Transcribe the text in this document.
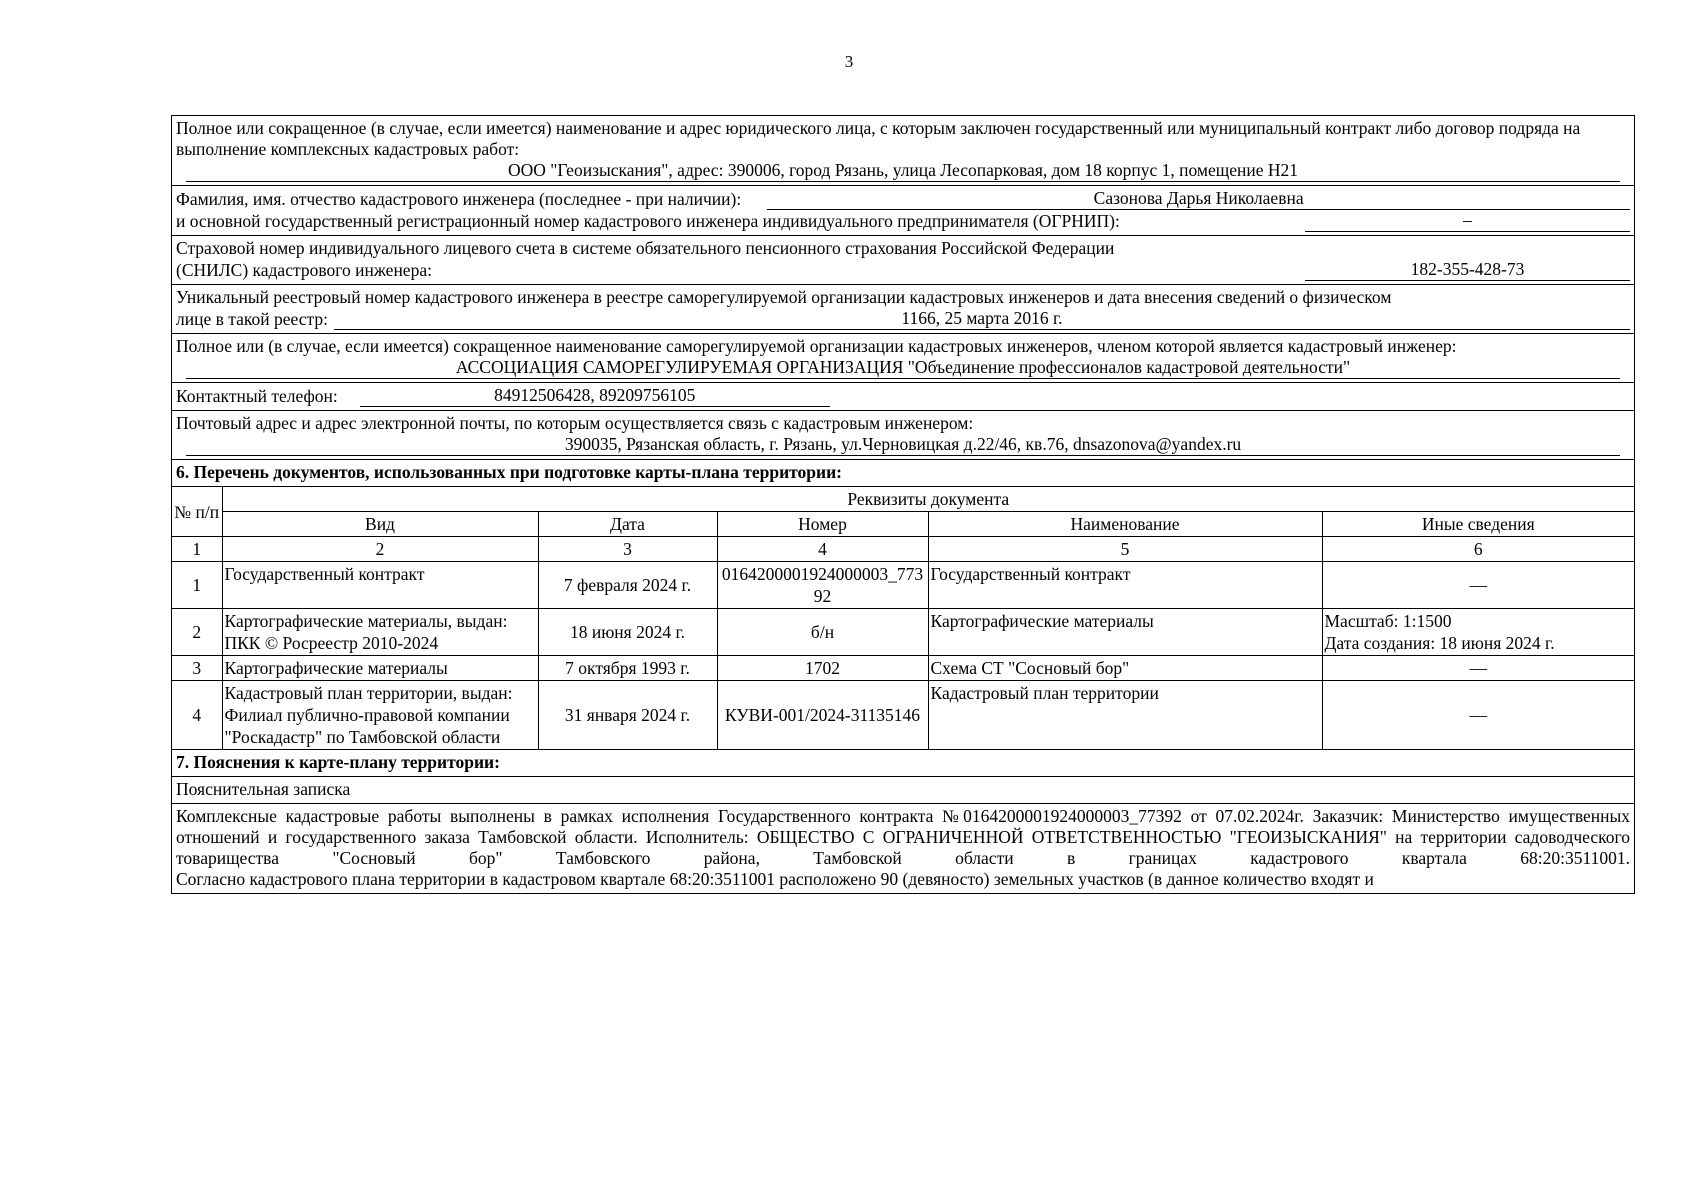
3
Полное или сокращенное (в случае, если имеется) наименование и адрес юридического лица, с которым заключен государственный или муниципальный контракт либо договор подряда на выполнение комплексных кадастровых работ:
ООО "Геоизыскания", адрес: 390006, город Рязань, улица Лесопарковая, дом 18 корпус 1, помещение Н21
Фамилия, имя. отчество кадастрового инженера (последнее - при наличии):	Сазонова Дарья Николаевна
и основной государственный регистрационный номер кадастрового инженера индивидуального предпринимателя (ОГРНИП):	–
Страховой номер индивидуального лицевого счета в системе обязательного пенсионного страхования Российской Федерации
(СНИЛС) кадастрового инженера:	182-355-428-73
Уникальный реестровый номер кадастрового инженера в реестре саморегулируемой организации кадастровых инженеров и дата внесения сведений о физическом
лице в такой реестр:	1166, 25 марта 2016 г.
Полное или (в случае, если имеется) сокращенное наименование саморегулируемой организации кадастровых инженеров, членом которой является кадастровый инженер:
АССОЦИАЦИЯ САМОРЕГУЛИРУЕМАЯ ОРГАНИЗАЦИЯ "Объединение профессионалов кадастровой деятельности"
Контактный телефон:	84912506428, 89209756105
Почтовый адрес и адрес электронной почты, по которым осуществляется связь с кадастровым инженером:
390035, Рязанская область, г. Рязань, ул.Черновицкая д.22/46, кв.76, dnsazonova@yandex.ru
6. Перечень документов, использованных при подготовке карты-плана территории:
№ п/п	Реквизиты документа				
	Вид	Дата	Номер	Наименование	Иные сведения
1	2	3	4	5	6
1	Государственный контракт	7 февраля 2024 г.	0164200001924000003_77392	Государственный контракт	—
2	Картографические материалы, выдан: ПКК © Росреестр 2010-2024	18 июня 2024 г.	б/н	Картографические материалы	Масштаб: 1:1500
Дата создания: 18 июня 2024 г.

3	Картографические материалы	7 октября 1993 г.	1702	Схема СТ "Сосновый бор"	—
4	Кадастровый план территории, выдан: Филиал публично-правовой компании "Роскадастр" по Тамбовской области	31 января 2024 г.	КУВИ-001/2024-31135146	Кадастровый план территории	—
7. Пояснения к карте-плану территории:
Пояснительная записка
Комплексные кадастровые работы выполнены в рамках исполнения Государственного контракта №0164200001924000003_77392 от 07.02.2024г. Заказчик: Министерство имущественных отношений и государственного заказа Тамбовской области. Исполнитель: ОБЩЕСТВО С ОГРАНИЧЕННОЙ ОТВЕТСТВЕННОСТЬЮ "ГЕОИЗЫСКАНИЯ" на территории садоводческого товарищества "Сосновый бор" Тамбовского района, Тамбовской области в границах кадастрового квартала 68:20:3511001.
Согласно кадастрового плана территории в кадастровом квартале 68:20:3511001 расположено 90 (девяносто) земельных участков (в данное количество входят и
